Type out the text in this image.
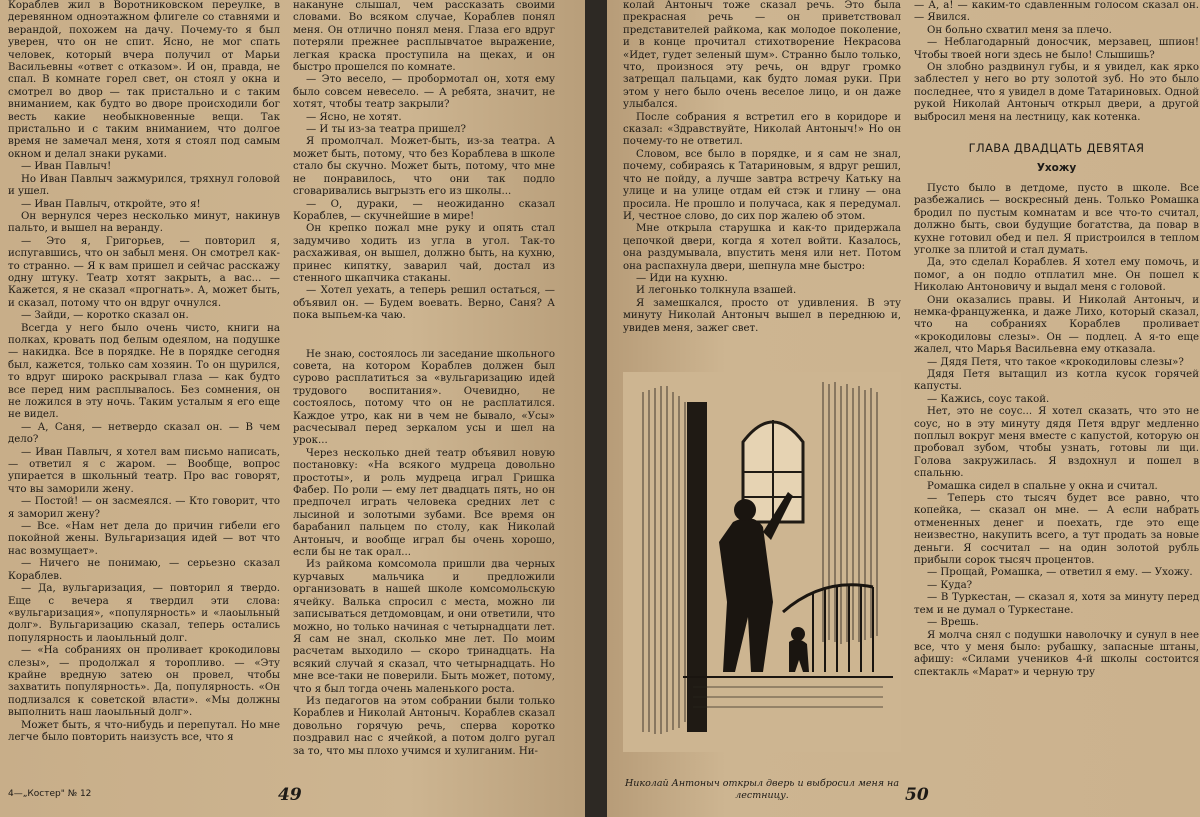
Кораблев жил в Воротниковском переулке, в деревянном одноэтажном флигеле со ставнями и верандой, похожем на дачу. Почему-то я был уверен, что он не спит. Ясно, не мог спать человек, который вчера получил от Марьи Васильевны «ответ с отказом». И он, правда, не спал. В комнате горел свет, он стоял у окна и смотрел во двор — так пристально и с таким вниманием, как будто во дворе происходили бог весть какие необыкновенные вещи. Так пристально и с таким вниманием, что долгое время не замечал меня, хотя я стоял под самым окном и делал знаки руками.

— Иван Павлыч!

Но Иван Павлыч зажмурился, тряхнул головой и ушел.

— Иван Павлыч, откройте, это я!

Он вернулся через несколько минут, накинув пальто, и вышел на веранду.

— Это я, Григорьев, — повторил я, испугавшись, что он забыл меня. Он смотрел как-то странно. — Я к вам пришел и сейчас расскажу одну штуку. Театр хотят закрыть, а вас... — Кажется, я не сказал «прогнать». А, может быть, и сказал, потому что он вдруг очнулся.

— Зайди, — коротко сказал он.

Всегда у него было очень чисто, книги на полках, кровать под белым одеялом, на подушке — накидка. Все в порядке. Не в порядке сегодня был, кажется, только сам хозяин. То он щурился, то вдруг широко раскрывал глаза — как будто все перед ним расплывалось. Без сомнения, он не ложился в эту ночь. Таким усталым я его еще не видел.

— А, Саня, — нетвердо сказал он. — В чем дело?

— Иван Павлыч, я хотел вам письмо написать, — ответил я с жаром. — Вообще, вопрос упирается в школьный театр. Про вас говорят, что вы заморили жену.

— Постой! — он засмеялся. — Кто говорит, что я заморил жену?

— Все. «Нам нет дела до причин гибели его покойной жены. Вульгаризация идей — вот что нас возмущает».

— Ничего не понимаю, — серьезно сказал Кораблев.

— Да, вульгаризация, — повторил я твердо. Еще с вечера я твердил эти слова: «вульгаризация», «популярность» и «лаоыльный долг». Вульгаризацию сказал, теперь остались популярность и лаоыльный долг.

— «На собраниях он проливает крокодиловы слезы», — продолжал я торопливо. — «Эту крайне вредную затею он провел, чтобы захватить популярность». Да, популярность. «Он подлизался к советской власти». «Мы должны выполнить наш лаоыльный долг».

Может быть, я что-нибудь и перепутал. Но мне легче было повторить наизусть все, что я

наканyне слышал, чем рассказать своими словами. Во всяком случае, Кораблев понял меня. Он отлично понял меня. Глаза его вдруг потеряли прежнее расплывчатое выражение, легкая краска проступила на щеках, и он быстро прошелся по комнате.

— Это весело, — пробормотал он, хотя ему было совсем невесело. — А ребята, значит, не хотят, чтобы театр закрыли?

— Ясно, не хотят.

— И ты из-за театра пришел?

Я промолчал. Может-быть, из-за театра. А может быть, потому, что без Кораблева в школе стало бы скучно. Может быть, потому, что мне не понравилось, что они так подло сговаривались выгрызть его из школы...

— О, дураки, — неожиданно сказал Кораблев, — скучнейшие в мире!

Он крепко пожал мне руку и опять стал задумчиво ходить из угла в угол. Так-то расхаживая, он вышел, должно быть, на кухню, принес кипятку, заварил чай, достал из стенного шкапчика стаканы.

— Хотел уехать, а теперь решил остаться, — объявил он. — Будем воевать. Верно, Саня? А пока выпьем-ка чаю.

Не знаю, состоялось ли заседание школьного совета, на котором Кораблев должен был сурово расплатиться за «вульгаризацию идей трудового воспитания». Очевидно, не состоялось, потому что он не расплатился. Каждое утро, как ни в чем не бывало, «Усы» расчесывал перед зеркалом усы и шел на урок...

Через несколько дней театр объявил новую постановку: «На всякого мудреца довольно простоты», и роль мудреца играл Гришка Фабер. По роли — ему лет двадцать пять, но он предпочел играть человека средних лет с лысиной и золотыми зубами. Все время он барабанил пальцем по столу, как Николай Антоныч, и вообще играл бы очень хорошо, если бы не так орал...

Из райкома комсомола пришли два черных курчавых мальчика и предложили организовать в нашей школе комсомольскую ячейку. Валька спросил с места, можно ли записываться детдомовцам, и они ответили, что можно, но только начиная с четырнадцати лет. Я сам не знал, сколько мне лет. По моим расчетам выходило — скоро тринадцать. На всякий случай я сказал, что четырнадцать. Но мне все-таки не поверили. Быть может, потому, что я был тогда очень маленького роста.

Из педагогов на этом собрании были только Кораблев и Николай Антоныч. Кораблев сказал довольно горячую речь, сперва коротко поздравил нас с ячейкой, а потом долго ругал за то, что мы плохо учимся и хулиганим. Ни-

4—„Костер" № 12	49

колай Антоныч тоже сказал речь. Это была прекрасная речь — он приветствовал представителей райкома, как молодое поколение, и в конце прочитал стихотворение Некрасова «Идет, гудет зеленый шум». Странно было только, что, произнося эту речь, он вдруг громко затрещал пальцами, как будто ломая руки. При этом у него было очень веселое лицо, и он даже улыбался.

После собрания я встретил его в коридоре и сказал: «Здравствуйте, Николай Антоныч!» Но он почему-то не ответил.

Словом, все было в порядке, и я сам не знал, почему, собираясь к Татариновым, я вдруг решил, что не пойду, а лучше завтра встречу Катьку на улице и на улице отдам ей стэк и глину — она просила. Не прошло и получаса, как я передумал. И, честное слово, до сих пор жалею об этом.

Мне открыла старушка и как-то придержала цепочкой двери, когда я хотел войти. Казалось, она раздумывала, впустить меня или нет. Потом она распахнула двери, шепнула мне быстро:

— Иди на кухню.

И легонько толкнула взашей.

Я замешкался, просто от удивления. В эту минуту Николай Антоныч вышел в переднюю и, увидев меня, зажег свет.

Николай Антоныч открыл дверь и выбросил меня на лестницу.

— А, а! — каким-то сдавленным голосом сказал он. — Явился.

Он больно схватил меня за плечо.

— Неблагодарный доносчик, мерзавец, шпион! Чтобы твоей ноги здесь не было! Слышишь?

Он злобно раздвинул губы, и я увидел, как ярко заблестел у него во рту золотой зуб. Но это было последнее, что я увидел в доме Татариновых. Одной рукой Николай Антоныч открыл двери, а другой выбросил меня на лестницу, как котенка.

ГЛАВА ДВАДЦАТЬ ДЕВЯТАЯ

Ухожу

Пусто было в детдоме, пусто в школе. Все разбежались — воскресный день. Только Ромашка бродил по пустым комнатам и все что-то считал, должно быть, свои будущие богатства, да повар в кухне готовил обед и пел. Я пристроился в теплом уголке за плитой и стал думать.

Да, это сделал Кораблев. Я хотел ему помочь, и помог, а он подло отплатил мне. Он пошел к Николаю Антоновичу и выдал меня с головой.

Они оказались правы. И Николай Антоныч, и немка-француженка, и даже Лихо, который сказал, что на собраниях Кораблев проливает «крокодиловы слезы». Он — подлец. А я-то еще жалел, что Марья Васильевна ему отказала.

— Дядя Петя, что такое «крокодиловы слезы»?

Дядя Петя вытащил из котла кусок горячей капусты.

— Кажись, соус такой.

Нет, это не соус... Я хотел сказать, что это не соус, но в эту минуту дядя Петя вдруг медленно поплыл вокруг меня вместе с капустой, которую он пробовал зубом, чтобы узнать, готовы ли щи. Голова закружилась. Я вздохнул и пошел в спальню.

Ромашка сидел в спальне у окна и считал.

— Теперь сто тысяч будет все равно, что копейка, — сказал он мне. — А если набрать отмененных денег и поехать, где это еще неизвестно, накупить всего, а тут продать за новые деньги. Я сосчитал — на один золотой рубль прибыли сорок тысяч процентов.

— Прощай, Ромашка, — ответил я ему. — Ухожу.

— Куда?

— В Туркестан, — сказал я, хотя за минуту перед тем и не думал о Туркестане.

— Врешь.

Я молча снял с подушки наволочку и сунул в нее все, что у меня было: рубашку, запасные штаны, афишу: «Силами учеников 4-й школы состоится спектакль «Марат» и черную тру

50
